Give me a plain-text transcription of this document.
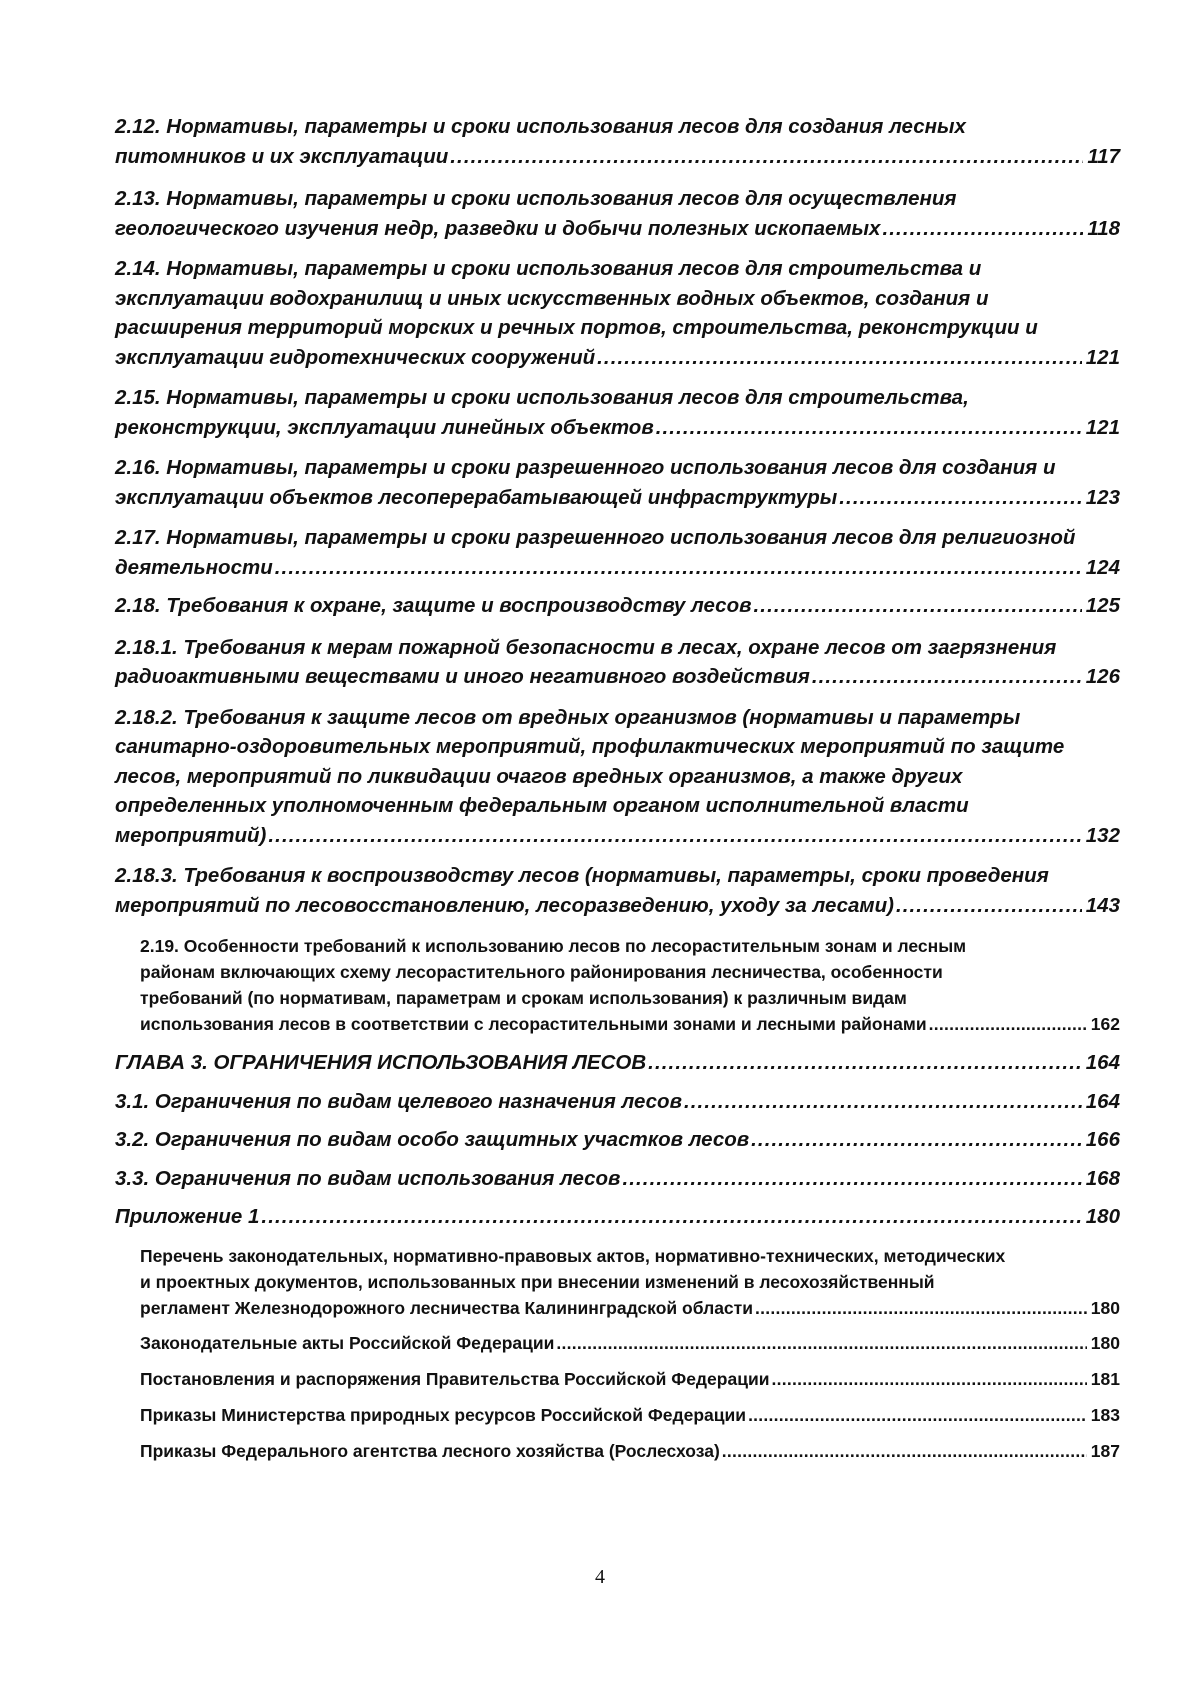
2.12. Нормативы, параметры и сроки использования лесов для создания лесных
питомников и их эксплуатации . . .	117
2.13. Нормативы, параметры и сроки использования лесов для осуществления
геологического изучения недр, разведки и добычи полезных ископаемых . . .	118
2.14. Нормативы, параметры и сроки использования лесов для строительства и
эксплуатации водохранилищ и иных искусственных водных объектов, создания и
расширения территорий морских и речных портов, строительства, реконструкции и
эксплуатации гидротехнических сооружений . . .	121
2.15. Нормативы, параметры и сроки использования лесов для строительства,
реконструкции, эксплуатации линейных объектов . . .	121
2.16. Нормативы, параметры и сроки разрешенного использования лесов для создания и
эксплуатации объектов лесоперерабатывающей инфраструктуры . . .	123
2.17. Нормативы, параметры и сроки разрешенного использования лесов для религиозной
деятельности . . .	124
2.18. Требования к охране, защите и воспроизводству лесов . . .	125
2.18.1. Требования к мерам пожарной безопасности в лесах, охране лесов от загрязнения
радиоактивными веществами и иного негативного воздействия . . .	126
2.18.2. Требования к защите лесов от вредных организмов (нормативы и параметры
санитарно-оздоровительных мероприятий, профилактических мероприятий по защите
лесов, мероприятий по ликвидации очагов вредных организмов, а также других
определенных уполномоченным федеральным органом исполнительной власти
мероприятий) . . .	132
2.18.3. Требования к воспроизводству лесов (нормативы, параметры, сроки проведения
мероприятий по лесовосстановлению, лесоразведению, уходу за лесами) . . .	143
2.19. Особенности требований к использованию лесов по лесорастительным зонам и лесным
районам включающих схему лесорастительного районирования лесничества, особенности
требований (по нормативам, параметрам и срокам использования) к различным видам
использования лесов в соответствии с лесорастительными зонами и лесными районами . . .	162
ГЛАВА 3. ОГРАНИЧЕНИЯ ИСПОЛЬЗОВАНИЯ ЛЕСОВ . . .	164
3.1. Ограничения по видам целевого назначения лесов . . .	164
3.2. Ограничения по видам особо защитных участков лесов . . .	166
3.3. Ограничения по видам использования лесов . . .	168
Приложение 1 . . .	180
Перечень законодательных, нормативно-правовых актов, нормативно-технических, методических
и проектных документов, использованных при внесении изменений в лесохозяйственный
регламент Железнодорожного лесничества Калининградской области . . .	180
Законодательные акты Российской Федерации . . .	180
Постановления и распоряжения Правительства Российской Федерации . . .	181
Приказы Министерства природных ресурсов Российской Федерации . . .	183
Приказы Федерального агентства лесного хозяйства (Рослесхоза) . . .	187
4
